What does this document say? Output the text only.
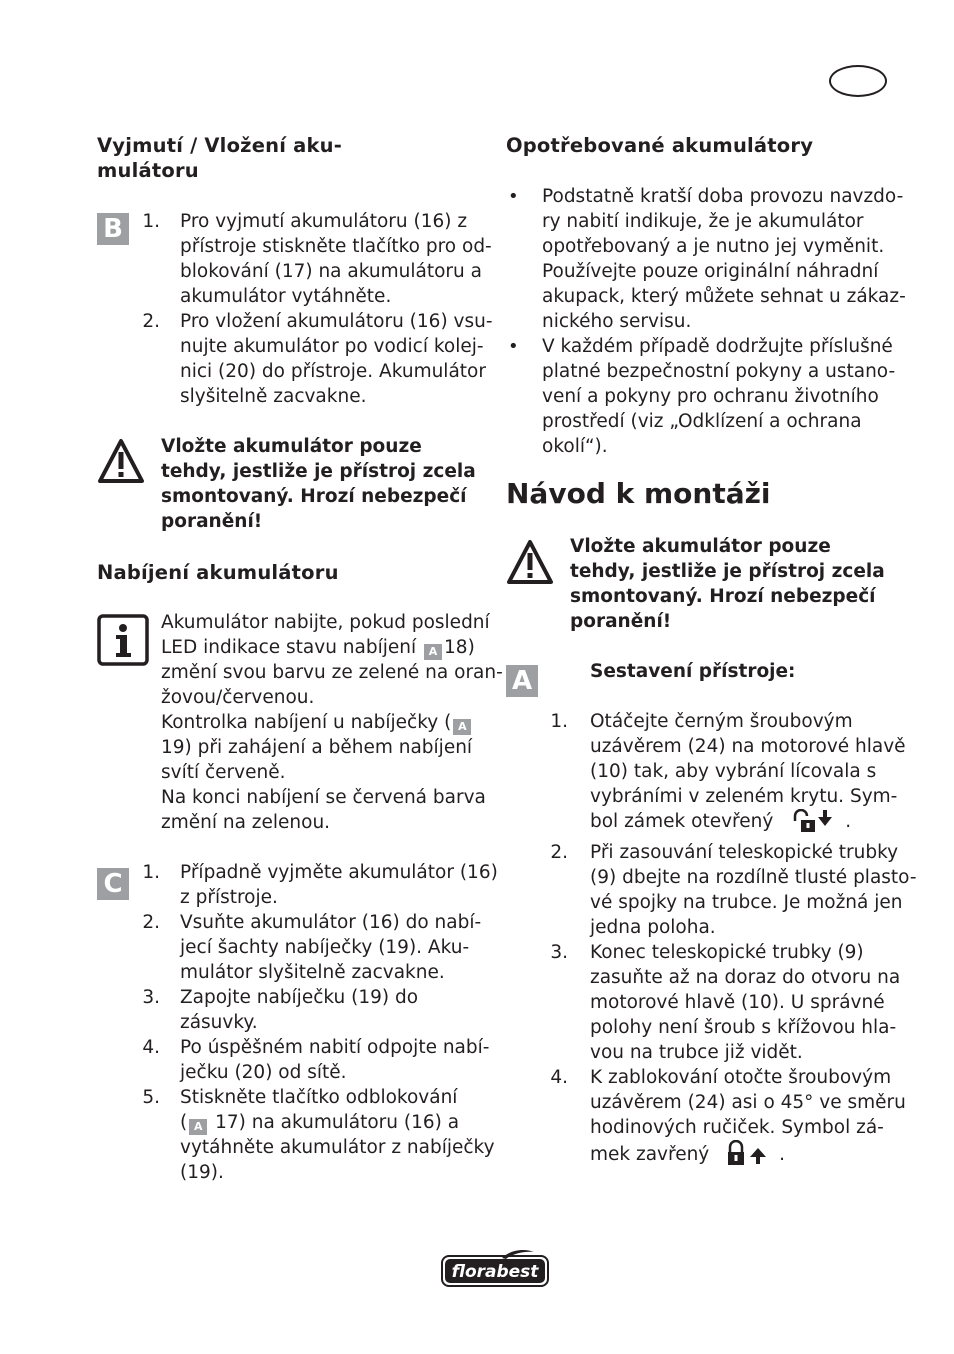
Vyjmutí / Vložení aku-
mulátoru
B	1. Pro vyjmutí akumulátoru (16) z
přístroje stiskněte tlačítko pro od-
blokování (17) na akumulátoru a
akumulátor vytáhněte.
2. Pro vložení akumulátoru (16) vsu-
nujte akumulátor po vodicí kolej-
nici (20) do přístroje. Akumulátor
slyšitelně zacvakne.
Vložte akumulátor pouze
tehdy, jestliže je přístroj zcela
smontovaný. Hrozí nebezpečí
poranění!
Nabíjení akumulátoru
Akumulátor nabijte, pokud poslední
LED indikace stavu nabíjení A 18)
změní svou barvu ze zelené na oran-
žovou/červenou.
Kontrolka nabíjení u nabíječky ( A
19) při zahájení a během nabíjení
svítí červeně.
Na konci nabíjení se červená barva
změní na zelenou.
C	1. Případně vyjměte akumulátor (16)
z přístroje.
2. Vsuňte akumulátor (16) do nabí-
jecí šachty nabíječky (19). Aku-
mulátor slyšitelně zacvakne.
3. Zapojte nabíječku (19) do
zásuvky.
4. Po úspěšném nabití odpojte nabí-
ječku (20) od sítě.
5. Stiskněte tlačítko odblokování
( A 17) na akumulátoru (16) a
vytáhněte akumulátor z nabíječky
(19).
Opotřebované akumulátory
• Podstatně kratší doba provozu navzdo-
ry nabití indikuje, že je akumulátor
opotřebovaný a je nutno jej vyměnit.
Používejte pouze originální náhradní
akupack, který můžete sehnat u zákaz-
nického servisu.
• V každém případě dodržujte příslušné
platné bezpečnostní pokyny a ustano-
vení a pokyny pro ochranu životního
prostředí (viz „Odklízení a ochrana
okolí“).
Návod k montáži
Vložte akumulátor pouze
tehdy, jestliže je přístroj zcela
smontovaný. Hrozí nebezpečí
poranění!
A	Sestavení přístroje:
1. Otáčejte černým šroubovým
uzávěrem (24) na motorové hlavě
(10) tak, aby vybrání lícovala s
vybráními v zeleném krytu. Sym-
bol zámek otevřený	.
2. Při zasouvání teleskopické trubky
(9) dbejte na rozdílně tlusté plasto-
vé spojky na trubce. Je možná jen
jedna poloha.
3. Konec teleskopické trubky (9)
zasuňte až na doraz do otvoru na
motorové hlavě (10). U správné
polohy není šroub s křížovou hla-
vou na trubce již vidět.
4. K zablokování otočte šroubovým
uzávěrem (24) asi o 45° ve směru
hodinových ručiček. Symbol zá-
mek zavřený	.
florabest
